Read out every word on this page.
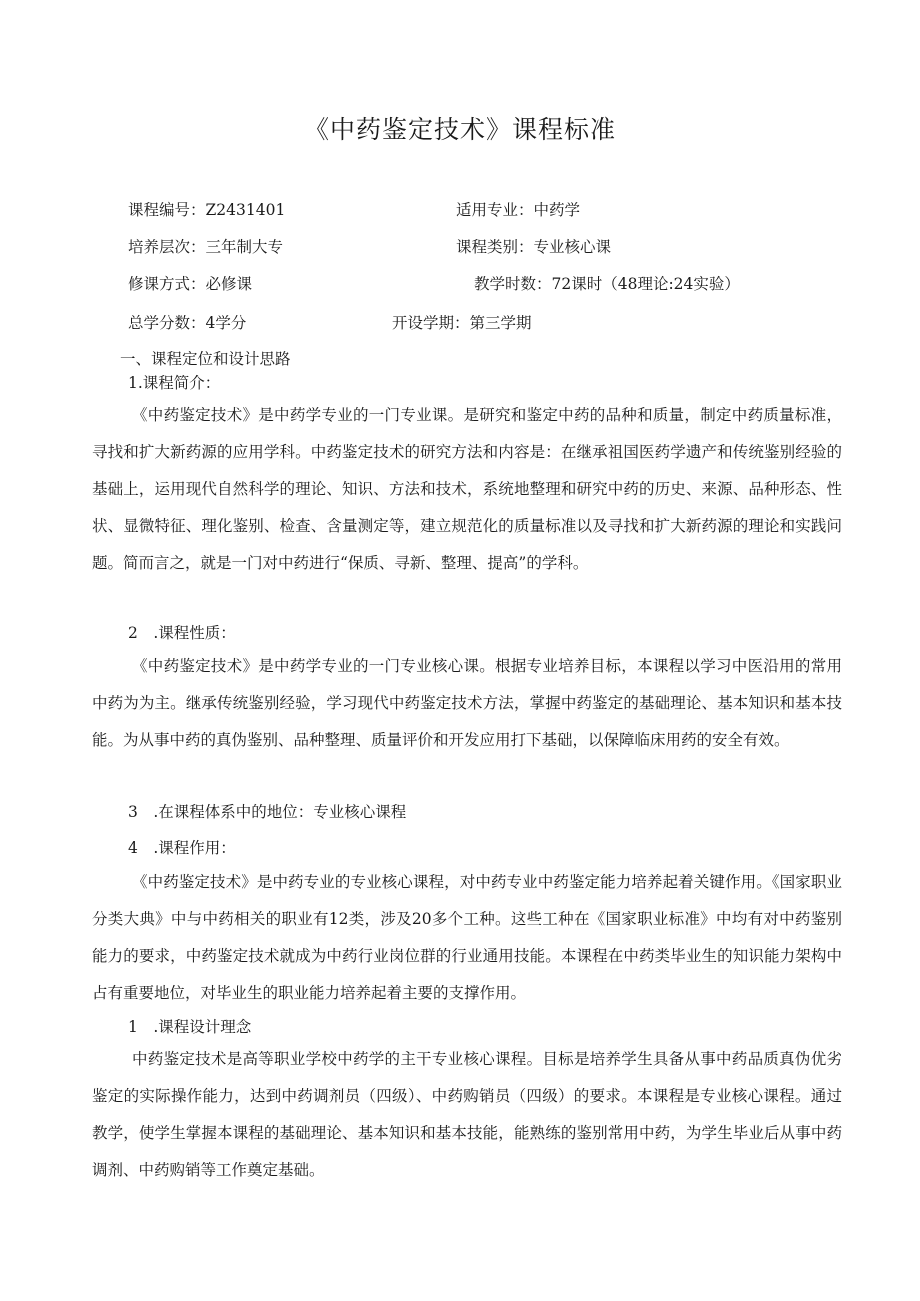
《中药鉴定技术》课程标准
课程编号：Z2431401	适用专业：中药学
培养层次：三年制大专	课程类别：专业核心课
修课方式：必修课	教学时数：72课时（48理论:24实验）
总学分数：4学分	开设学期：第三学期
一、课程定位和设计思路
1.课程简介：

《中药鉴定技术》是中药学专业的一门专业课。是研究和鉴定中药的品种和质量，制定中药质量标准，寻找和扩大新药源的应用学科。中药鉴定技术的研究方法和内容是：在继承祖国医药学遗产和传统鉴别经验的基础上，运用现代自然科学的理论、知识、方法和技术，系统地整理和研究中药的历史、来源、品种形态、性状、显微特征、理化鉴别、检查、含量测定等，建立规范化的质量标准以及寻找和扩大新药源的理论和实践问题。简而言之，就是一门对中药进行“保质、寻新、整理、提高”的学科。

2　.课程性质：

《中药鉴定技术》是中药学专业的一门专业核心课。根据专业培养目标，本课程以学习中医沿用的常用中药为为主。继承传统鉴别经验，学习现代中药鉴定技术方法，掌握中药鉴定的基础理论、基本知识和基本技能。为从事中药的真伪鉴别、品种整理、质量评价和开发应用打下基础，以保障临床用药的安全有效。

3　.在课程体系中的地位：专业核心课程
4　.课程作用：

《中药鉴定技术》是中药专业的专业核心课程，对中药专业中药鉴定能力培养起着关键作用。《国家职业分类大典》中与中药相关的职业有12类，涉及20多个工种。这些工种在《国家职业标准》中均有对中药鉴别能力的要求，中药鉴定技术就成为中药行业岗位群的行业通用技能。本课程在中药类毕业生的知识能力架构中占有重要地位，对毕业生的职业能力培养起着主要的支撑作用。

1　.课程设计理念

中药鉴定技术是高等职业学校中药学的主干专业核心课程。目标是培养学生具备从事中药品质真伪优劣鉴定的实际操作能力，达到中药调剂员（四级）、中药购销员（四级）的要求。本课程是专业核心课程。通过教学，使学生掌握本课程的基础理论、基本知识和基本技能，能熟练的鉴别常用中药，为学生毕业后从事中药调剂、中药购销等工作奠定基础。
